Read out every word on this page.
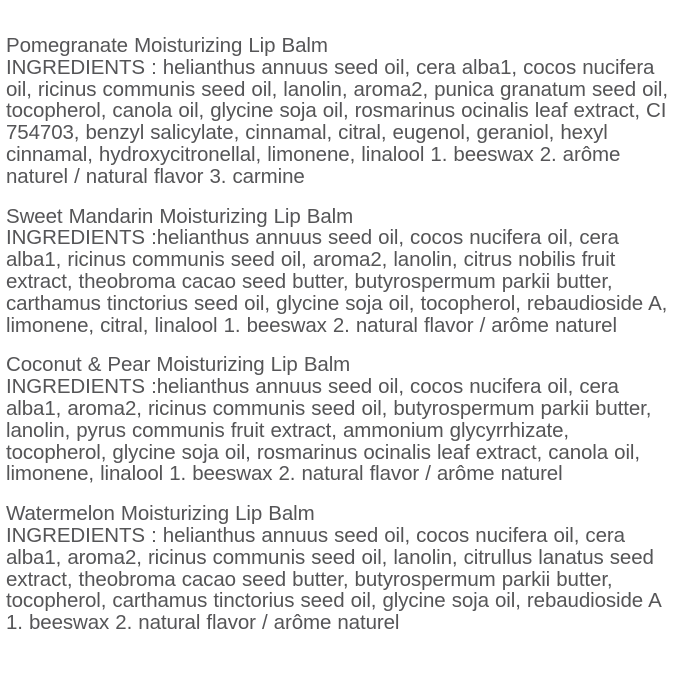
Pomegranate Moisturizing Lip Balm
INGREDIENTS : helianthus annuus seed oil, cera alba1, cocos nucifera oil, ricinus communis seed oil, lanolin, aroma2, punica granatum seed oil, tocopherol, canola oil, glycine soja oil, rosmarinus ocinalis leaf extract, CI 754703, benzyl salicylate, cinnamal, citral, eugenol, geraniol, hexyl cinnamal, hydroxycitronellal, limonene, linalool 1. beeswax 2. arôme naturel / natural flavor 3. carmine
Sweet Mandarin Moisturizing Lip Balm
INGREDIENTS :helianthus annuus seed oil, cocos nucifera oil, cera alba1, ricinus communis seed oil, aroma2, lanolin, citrus nobilis fruit extract, theobroma cacao seed butter, butyrospermum parkii butter, carthamus tinctorius seed oil, glycine soja oil, tocopherol, rebaudioside A, limonene, citral, linalool 1. beeswax 2. natural flavor / arôme naturel
Coconut & Pear Moisturizing Lip Balm
INGREDIENTS :helianthus annuus seed oil, cocos nucifera oil, cera alba1, aroma2, ricinus communis seed oil, butyrospermum parkii butter, lanolin, pyrus communis fruit extract, ammonium glycyrrhizate, tocopherol, glycine soja oil, rosmarinus ocinalis leaf extract, canola oil, limonene, linalool 1. beeswax 2. natural flavor / arôme naturel
Watermelon Moisturizing Lip Balm
INGREDIENTS : helianthus annuus seed oil, cocos nucifera oil, cera alba1, aroma2, ricinus communis seed oil, lanolin, citrullus lanatus seed extract, theobroma cacao seed butter, butyrospermum parkii butter, tocopherol, carthamus tinctorius seed oil, glycine soja oil, rebaudioside A 1. beeswax 2. natural flavor / arôme naturel
